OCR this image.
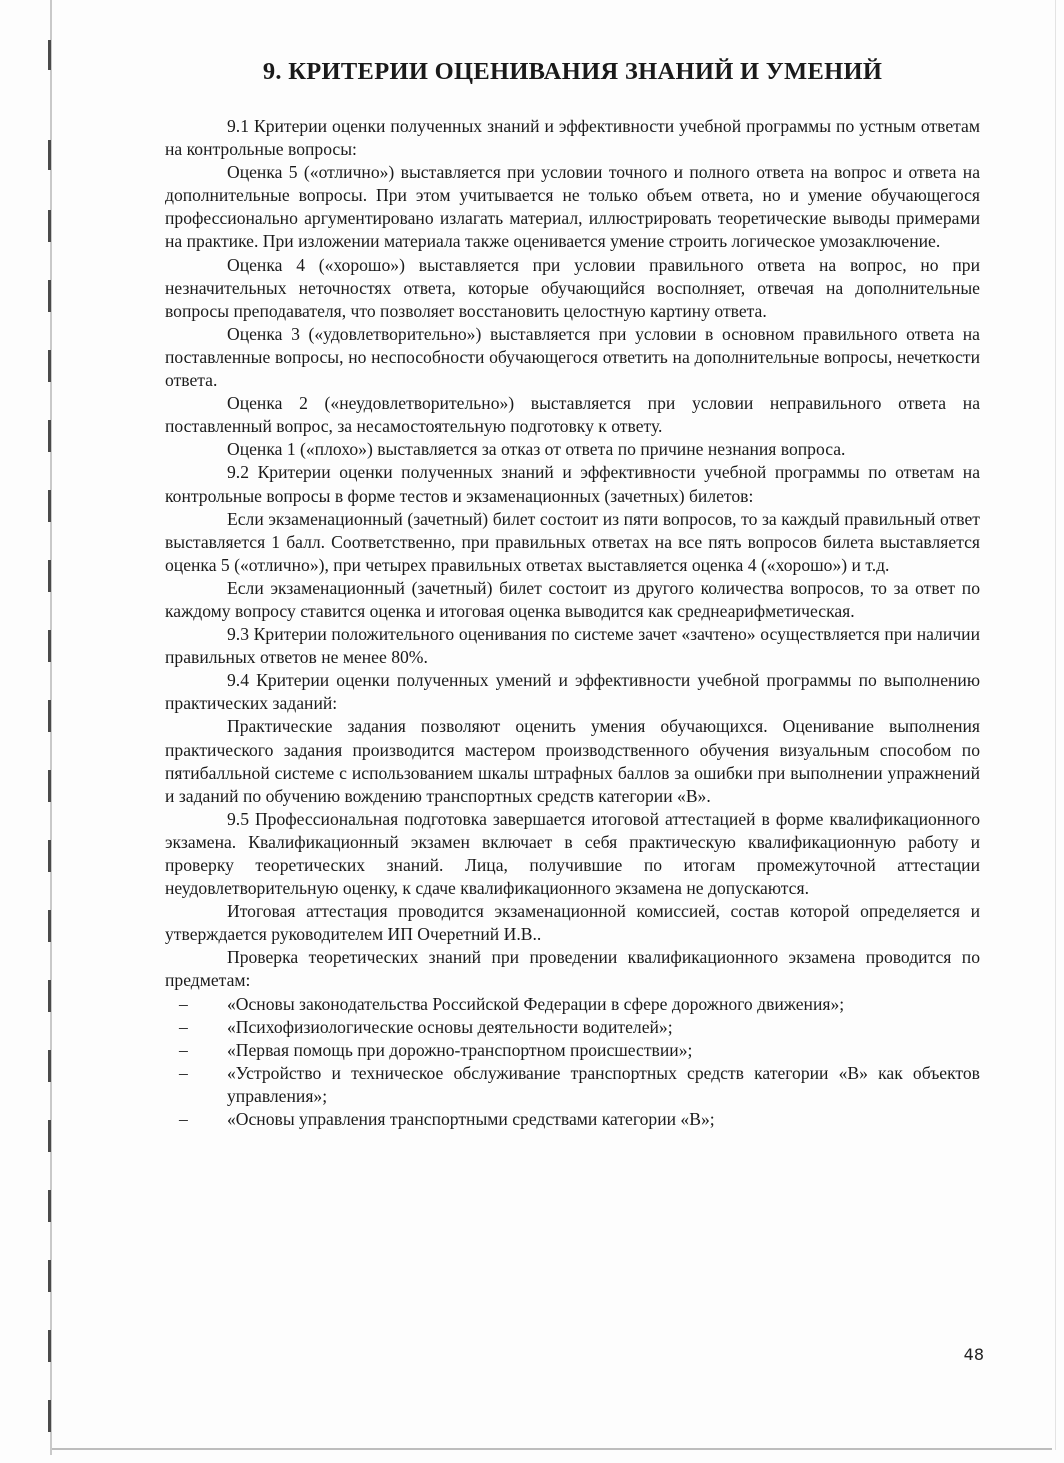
9. КРИТЕРИИ ОЦЕНИВАНИЯ ЗНАНИЙ И УМЕНИЙ

9.1 Критерии оценки полученных знаний и эффективности учебной программы по устным ответам на контрольные вопросы:

Оценка 5 («отлично») выставляется при условии точного и полного ответа на вопрос и ответа на дополнительные вопросы. При этом учитывается не только объем ответа, но и умение обучающегося профессионально аргументировано излагать материал, иллюстрировать теоретические выводы примерами на практике. При изложении материала также оценивается умение строить логическое умозаключение.

Оценка 4 («хорошо») выставляется при условии правильного ответа на вопрос, но при незначительных неточностях ответа, которые обучающийся восполняет, отвечая на дополнительные вопросы преподавателя, что позволяет восстановить целостную картину ответа.

Оценка 3 («удовлетворительно») выставляется при условии в основном правильного ответа на поставленные вопросы, но неспособности обучающегося ответить на дополнительные вопросы, нечеткости ответа.

Оценка 2 («неудовлетворительно») выставляется при условии неправильного ответа на поставленный вопрос, за несамостоятельную подготовку к ответу.

Оценка 1 («плохо») выставляется за отказ от ответа по причине незнания вопроса.

9.2 Критерии оценки полученных знаний и эффективности учебной программы по ответам на контрольные вопросы в форме тестов и экзаменационных (зачетных) билетов:

Если экзаменационный (зачетный) билет состоит из пяти вопросов, то за каждый правильный ответ выставляется 1 балл. Соответственно, при правильных ответах на все пять вопросов билета выставляется оценка 5 («отлично»), при четырех правильных ответах выставляется оценка 4 («хорошо») и т.д.

Если экзаменационный (зачетный) билет состоит из другого количества вопросов, то за ответ по каждому вопросу ставится оценка и итоговая оценка выводится как среднеарифметическая.

9.3 Критерии положительного оценивания по системе зачет «зачтено» осуществляется при наличии правильных ответов не менее 80%.

9.4 Критерии оценки полученных умений и эффективности учебной программы по выполнению практических заданий:

Практические задания позволяют оценить умения обучающихся. Оценивание выполнения практического задания производится мастером производственного обучения визуальным способом по пятибалльной системе с использованием шкалы штрафных баллов за ошибки при выполнении упражнений и заданий по обучению вождению транспортных средств категории «В».

9.5 Профессиональная подготовка завершается итоговой аттестацией в форме квалификационного экзамена. Квалификационный экзамен включает в себя практическую квалификационную работу и проверку теоретических знаний. Лица, получившие по итогам промежуточной аттестации неудовлетворительную оценку, к сдаче квалификационного экзамена не допускаются.

Итоговая аттестация проводится экзаменационной комиссией, состав которой определяется и утверждается руководителем ИП Очеретний И.В..

Проверка теоретических знаний при проведении квалификационного экзамена проводится по предметам:

– «Основы законодательства Российской Федерации в сфере дорожного движения»;
– «Психофизиологические основы деятельности водителей»;
– «Первая помощь при дорожно-транспортном происшествии»;
– «Устройство и техническое обслуживание транспортных средств категории «В» как объектов управления»;
– «Основы управления транспортными средствами категории «В»;
48
